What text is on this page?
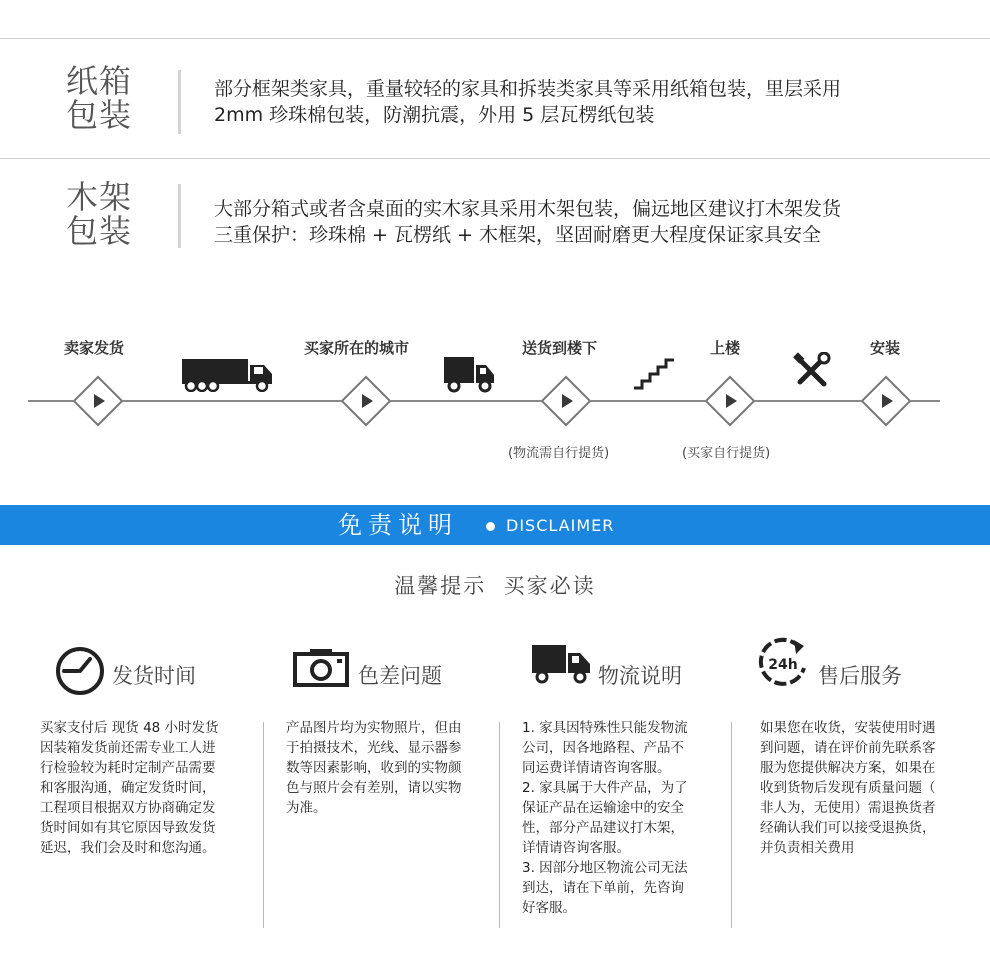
纸箱
包装
部分框架类家具，重量较轻的家具和拆装类家具等采用纸箱包装，里层采用
2mm 珍珠棉包装，防潮抗震，外用 5 层瓦楞纸包装
木架
包装
大部分箱式或者含桌面的实木家具采用木架包装，偏远地区建议打木架发货
三重保护：珍珠棉 + 瓦楞纸 + 木框架，坚固耐磨更大程度保证家具安全
卖家发货	买家所在的城市	送货到楼下	上楼	安装
(物流需自行提货)	(买家自行提货)
免责说明	DISCLAIMER
温馨提示  买家必读
发货时间	色差问题	物流说明	24h 售后服务
买家支付后 现货 48 小时发货
因装箱发货前还需专业工人进
行检验较为耗时定制产品需要
和客服沟通，确定发货时间，
工程项目根据双方协商确定发
货时间如有其它原因导致发货
延迟，我们会及时和您沟通。
产品图片均为实物照片，但由
于拍摄技术，光线、显示器参
数等因素影响，收到的实物颜
色与照片会有差别，请以实物
为准。
1. 家具因特殊性只能发物流
公司，因各地路程、产品不
同运费详情请咨询客服。
2. 家具属于大件产品，为了
保证产品在运输途中的安全
性，部分产品建议打木架，
详情请咨询客服。
3. 因部分地区物流公司无法
到达，请在下单前，先咨询
好客服。
如果您在收货，安装使用时遇
到问题，请在评价前先联系客
服为您提供解决方案，如果在
收到货物后发现有质量问题（
非人为，无使用）需退换货者
经确认我们可以接受退换货，
并负责相关费用
